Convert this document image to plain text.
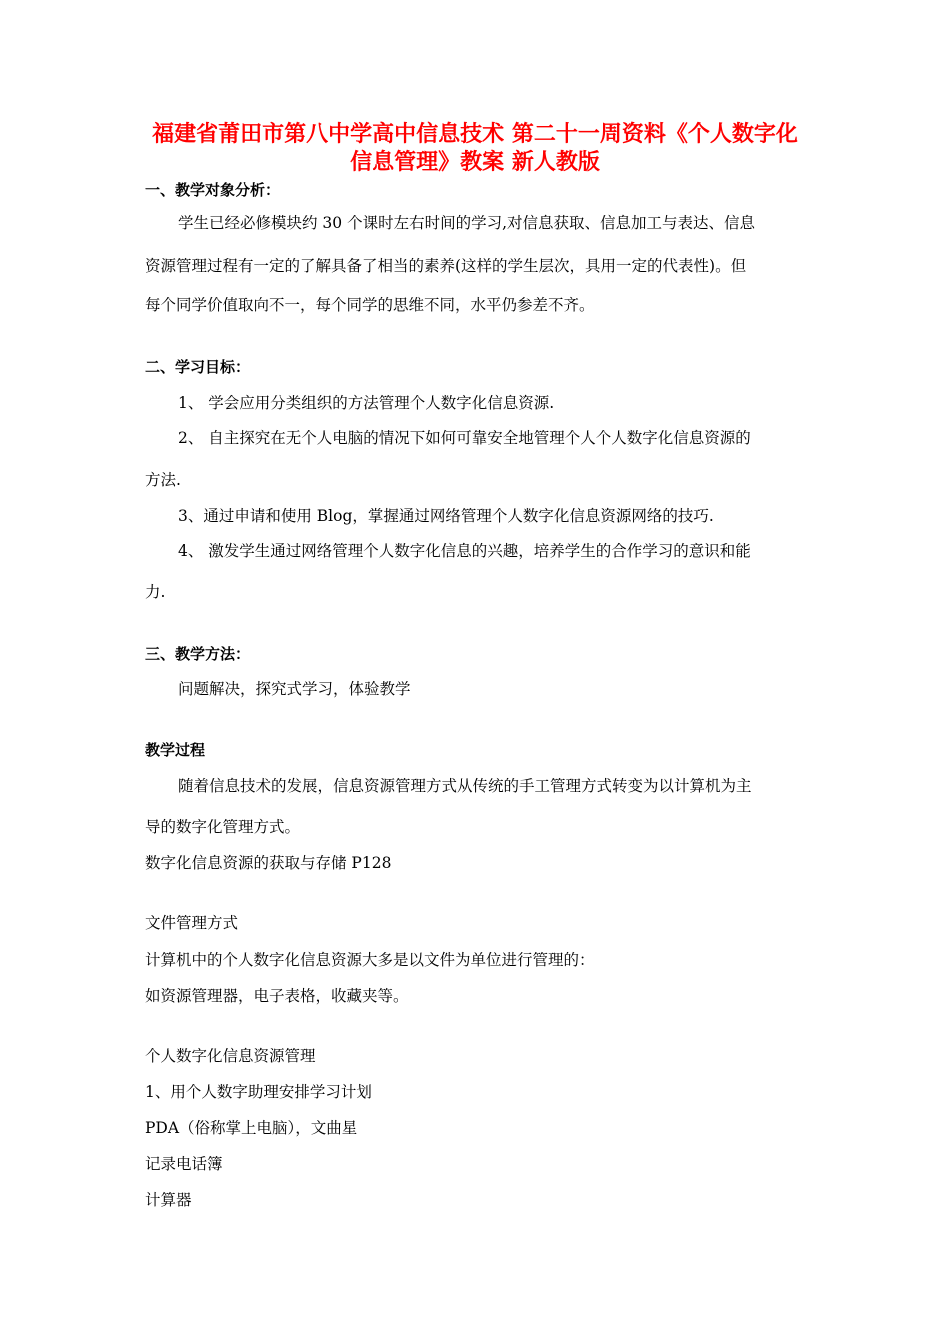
福建省莆田市第八中学高中信息技术 第二十一周资料《个人数字化
信息管理》教案 新人教版
一、教学对象分析：
学生已经必修模块约 30 个课时左右时间的学习,对信息获取、信息加工与表达、信息
资源管理过程有一定的了解具备了相当的素养(这样的学生层次，具用一定的代表性)。但
每个同学价值取向不一，每个同学的思维不同，水平仍参差不齐。
二、学习目标：
1、 学会应用分类组织的方法管理个人数字化信息资源.
2、 自主探究在无个人电脑的情况下如何可靠安全地管理个人个人数字化信息资源的
方法.
3、通过申请和使用 Blog，掌握通过网络管理个人数字化信息资源网络的技巧.
4、 激发学生通过网络管理个人数字化信息的兴趣，培养学生的合作学习的意识和能
力.
三、教学方法：
问题解决，探究式学习，体验教学
教学过程
随着信息技术的发展，信息资源管理方式从传统的手工管理方式转变为以计算机为主
导的数字化管理方式。
数字化信息资源的获取与存储 P128
文件管理方式
计算机中的个人数字化信息资源大多是以文件为单位进行管理的：
如资源管理器，电子表格，收藏夹等。
个人数字化信息资源管理
1、用个人数字助理安排学习计划
PDA（俗称掌上电脑），文曲星
记录电话簿
计算器
